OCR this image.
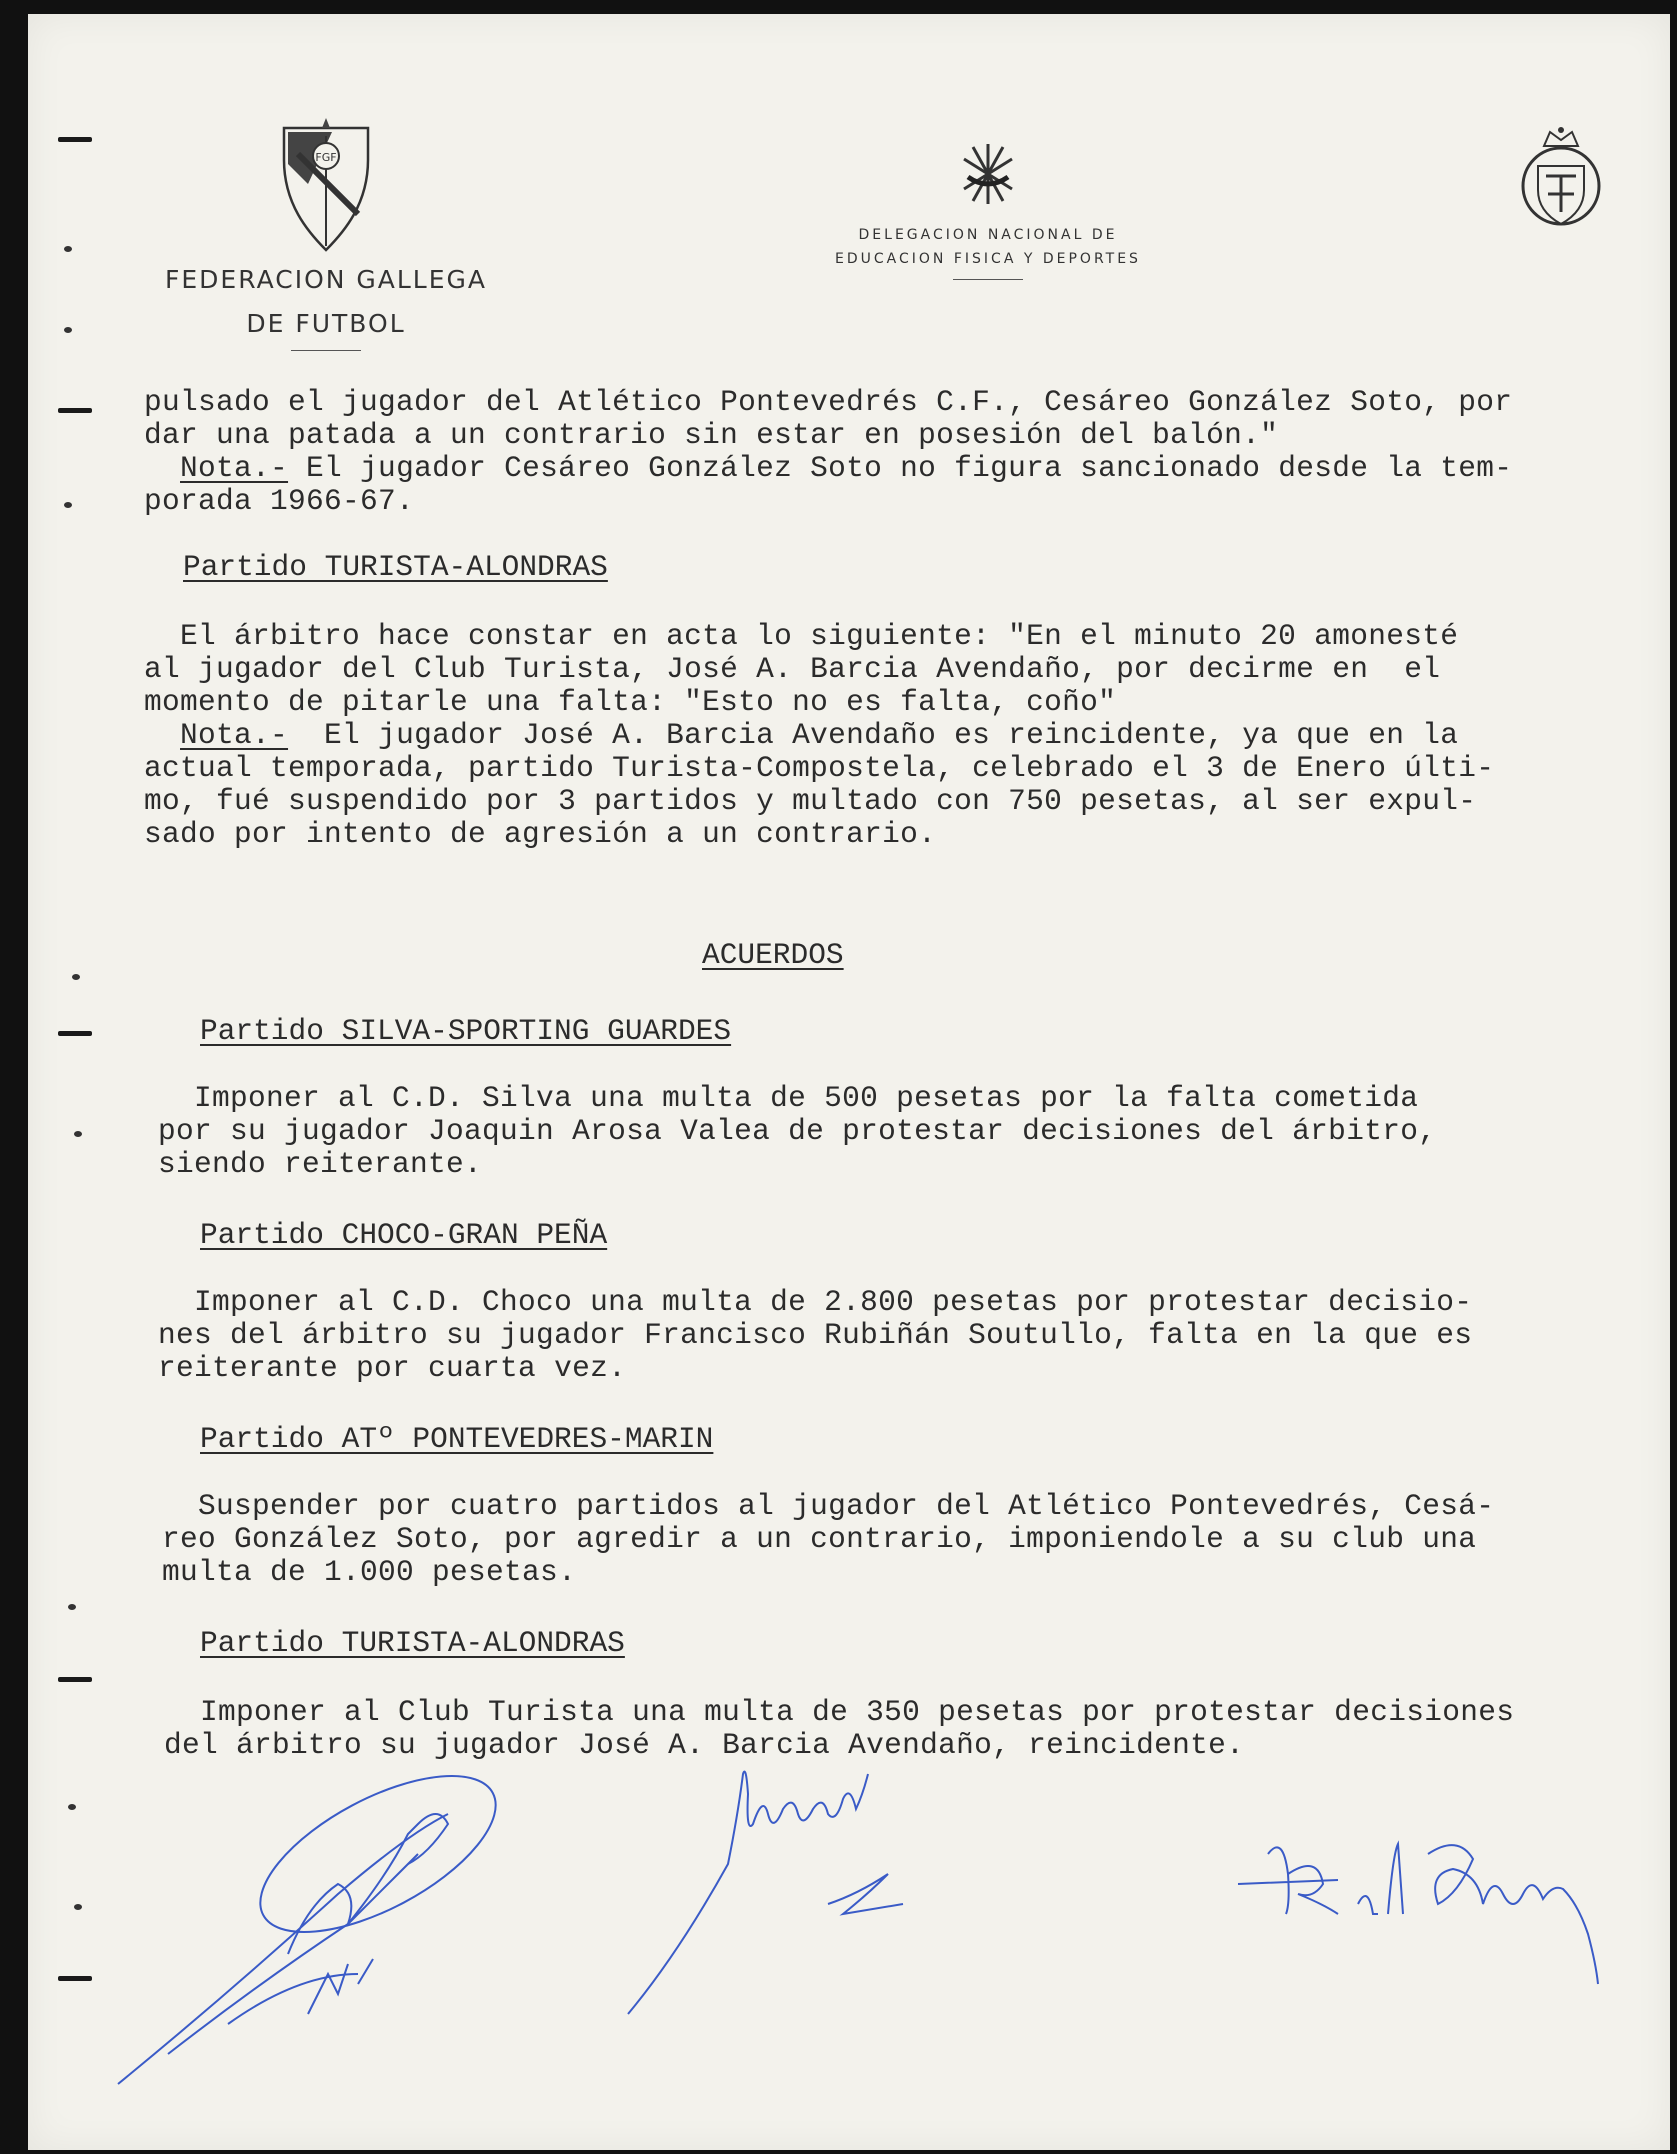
FGF
FEDERACION GALLEGA
DE FUTBOL
DELEGACION NACIONAL DE
EDUCACION FISICA Y DEPORTES
pulsado el jugador del Atlético Pontevedrés C.F., Cesáreo González Soto, por
dar una patada a un contrario sin estar en posesión del balón."
Nota.- El jugador Cesáreo González Soto no figura sancionado desde la tem-
porada 1966-67.
Partido TURISTA-ALONDRAS
El árbitro hace constar en acta lo siguiente: "En el minuto 20 amonesté
al jugador del Club Turista, José A. Barcia Avendaño, por decirme en  el
momento de pitarle una falta: "Esto no es falta, coño"
Nota.-  El jugador José A. Barcia Avendaño es reincidente, ya que en la
actual temporada, partido Turista-Compostela, celebrado el 3 de Enero últi-
mo, fué suspendido por 3 partidos y multado con 750 pesetas, al ser expul-
sado por intento de agresión a un contrario.
ACUERDOS
Partido SILVA-SPORTING GUARDES
Imponer al C.D. Silva una multa de 500 pesetas por la falta cometida
por su jugador Joaquin Arosa Valea de protestar decisiones del árbitro,
siendo reiterante.
Partido CHOCO-GRAN PEÑA
Imponer al C.D. Choco una multa de 2.800 pesetas por protestar decisio-
nes del árbitro su jugador Francisco Rubiñán Soutullo, falta en la que es
reiterante por cuarta vez.
Partido ATº PONTEVEDRES-MARIN
Suspender por cuatro partidos al jugador del Atlético Pontevedrés, Cesá-
reo González Soto, por agredir a un contrario, imponiendole a su club una
multa de 1.000 pesetas.
Partido TURISTA-ALONDRAS
Imponer al Club Turista una multa de 350 pesetas por protestar decisiones
del árbitro su jugador José A. Barcia Avendaño, reincidente.
